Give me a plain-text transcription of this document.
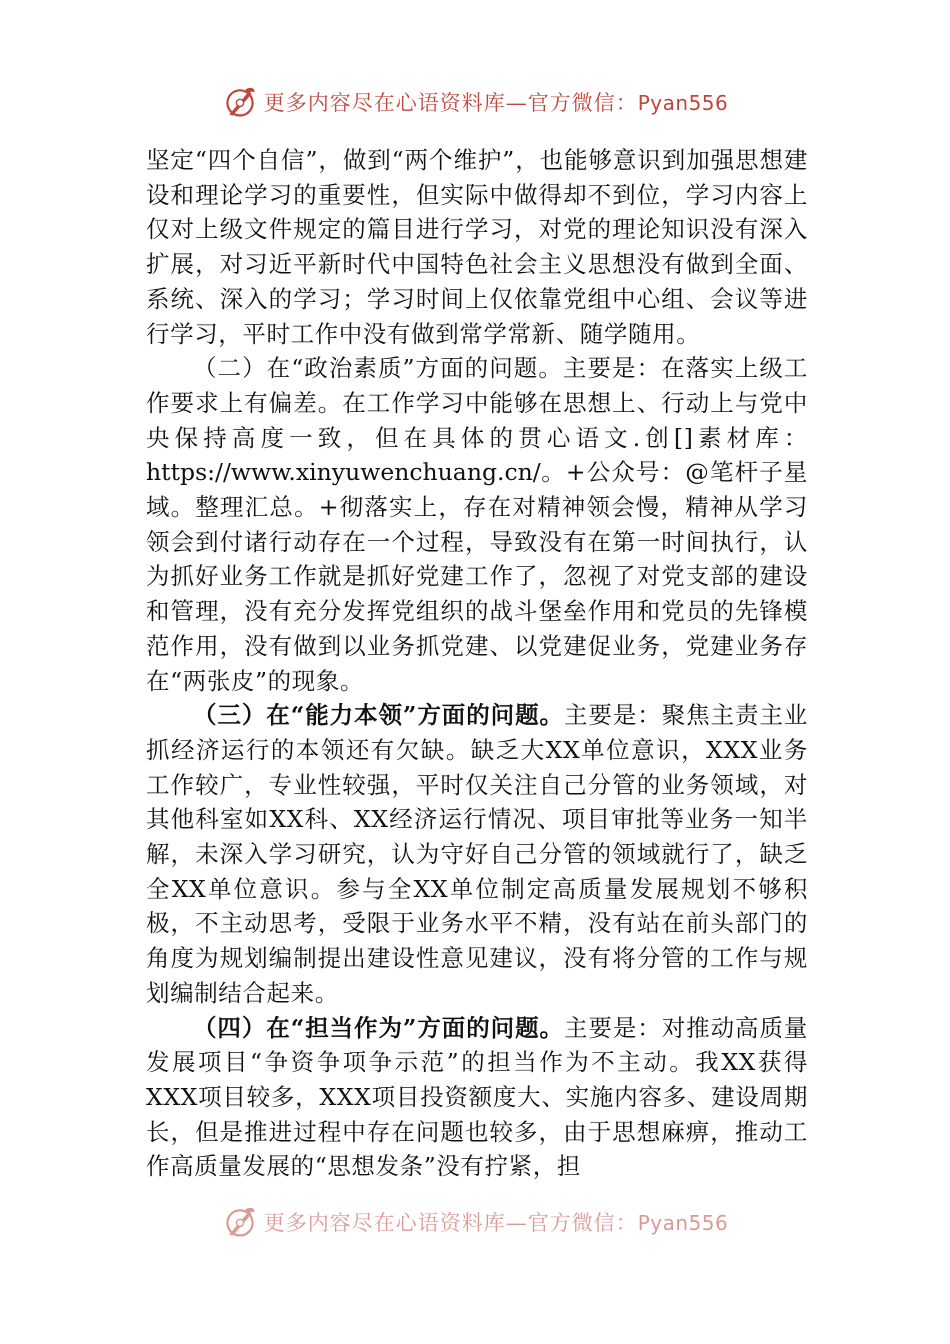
更多内容尽在心语资料库—官方微信：Pyan556

坚定“四个自信”，做到“两个维护”，也能够意识到加强思想建设和理论学习的重要性，但实际中做得却不到位，学习内容上仅对上级文件规定的篇目进行学习，对党的理论知识没有深入扩展，对习近平新时代中国特色社会主义思想没有做到全面、系统、深入的学习；学习时间上仅依靠党组中心组、会议等进行学习，平时工作中没有做到常学常新、随学随用。

（二）在“政治素质”方面的问题。主要是：在落实上级工作要求上有偏差。在工作学习中能够在思想上、行动上与党中央保持高度一致，但在具体的贯心语文.创[]素材库：https://www.xinyuwenchuang.cn/。+公众号：@笔杆子星域。整理汇总。+彻落实上，存在对精神领会慢，精神从学习领会到付诸行动存在一个过程，导致没有在第一时间执行，认为抓好业务工作就是抓好党建工作了，忽视了对党支部的建设和管理，没有充分发挥党组织的战斗堡垒作用和党员的先锋模范作用，没有做到以业务抓党建、以党建促业务，党建业务存在“两张皮”的现象。

（三）在“能力本领”方面的问题。主要是：聚焦主责主业抓经济运行的本领还有欠缺。缺乏大XX单位意识，XXX业务工作较广，专业性较强，平时仅关注自己分管的业务领域，对其他科室如XX科、XX经济运行情况、项目审批等业务一知半解，未深入学习研究，认为守好自己分管的领域就行了，缺乏全XX单位意识。参与全XX单位制定高质量发展规划不够积极，不主动思考，受限于业务水平不精，没有站在前头部门的角度为规划编制提出建设性意见建议，没有将分管的工作与规划编制结合起来。

（四）在“担当作为”方面的问题。主要是：对推动高质量发展项目“争资争项争示范”的担当作为不主动。我XX获得XXX项目较多，XXX项目投资额度大、实施内容多、建设周期长，但是推进过程中存在问题也较多，由于思想麻痹，推动工作高质量发展的“思想发条”没有拧紧，担

更多内容尽在心语资料库—官方微信：Pyan556
